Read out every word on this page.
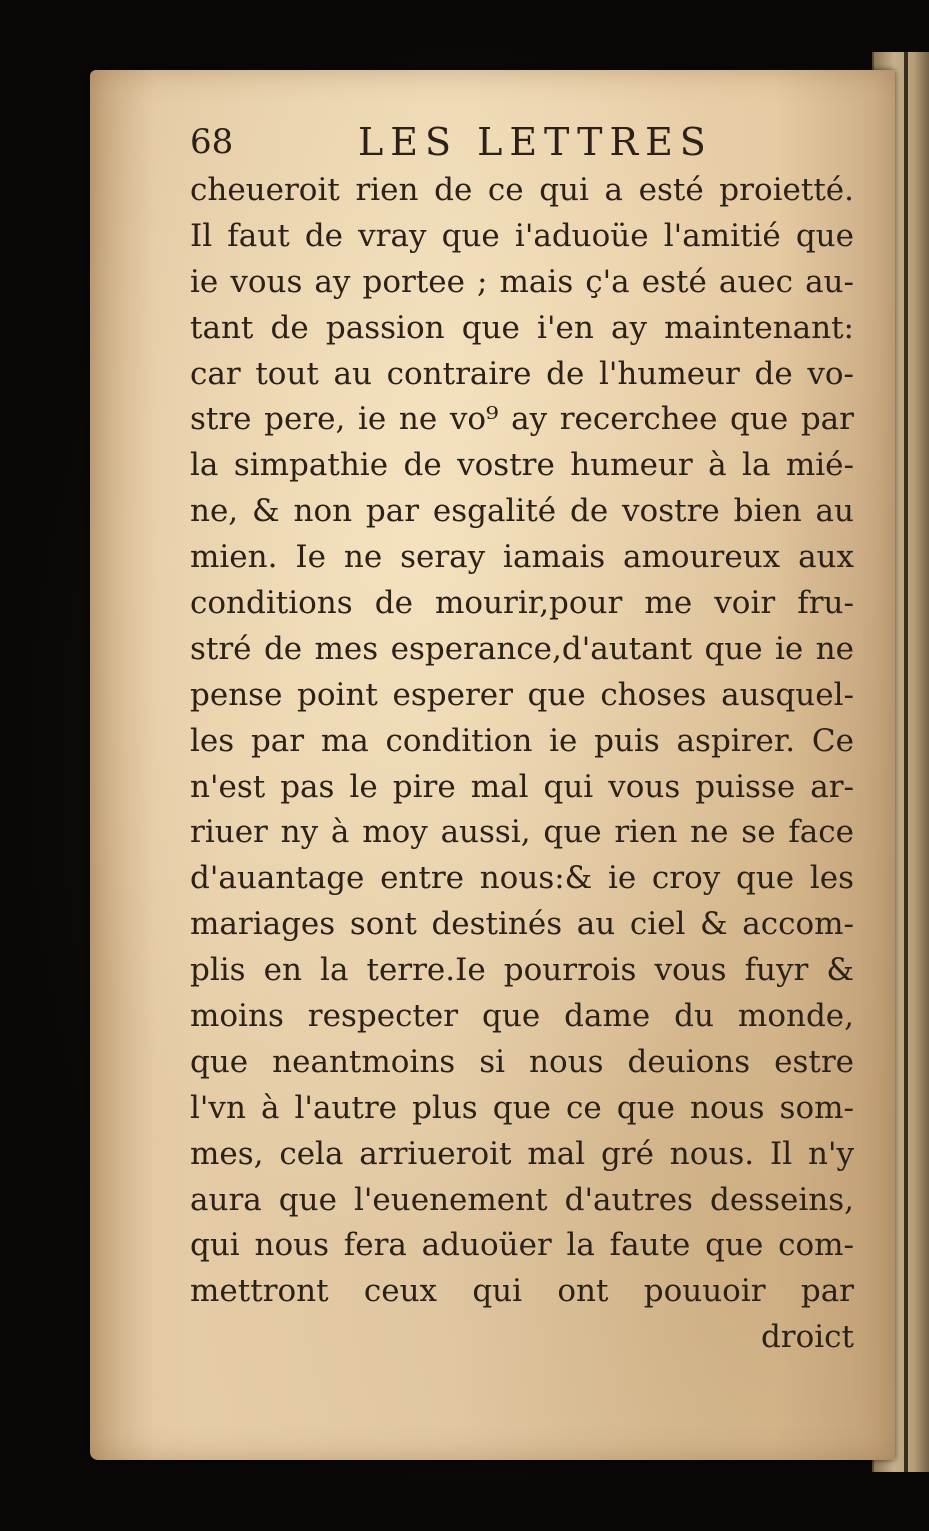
68	LES LETTRES
cheueroit rien de ce qui a esté proietté.
Il faut de vray que i'aduoüe l'amitié que
ie vous ay portee ; mais ç'a esté auec au-
tant de passion que i'en ay maintenant:
car tout au contraire de l'humeur de vo-
stre pere, ie ne vo⁹ ay recerchee que par
la simpathie de vostre humeur à la mié-
ne, & non par esgalité de vostre bien au
mien. Ie ne seray iamais amoureux aux
conditions de mourir,pour me voir fru-
stré de mes esperance,d'autant que ie ne
pense point esperer que choses ausquel-
les par ma condition ie puis aspirer. Ce
n'est pas le pire mal qui vous puisse ar-
riuer ny à moy aussi, que rien ne se face
d'auantage entre nous:& ie croy que les
mariages sont destinés au ciel & accom-
plis en la terre.Ie pourrois vous fuyr &
moins respecter que dame du monde,
que neantmoins si nous deuions estre
l'vn à l'autre plus que ce que nous som-
mes, cela arriueroit mal gré nous. Il n'y
aura que l'euenement d'autres desseins,
qui nous fera aduoüer la faute que com-
mettront ceux qui ont pouuoir par
droict
